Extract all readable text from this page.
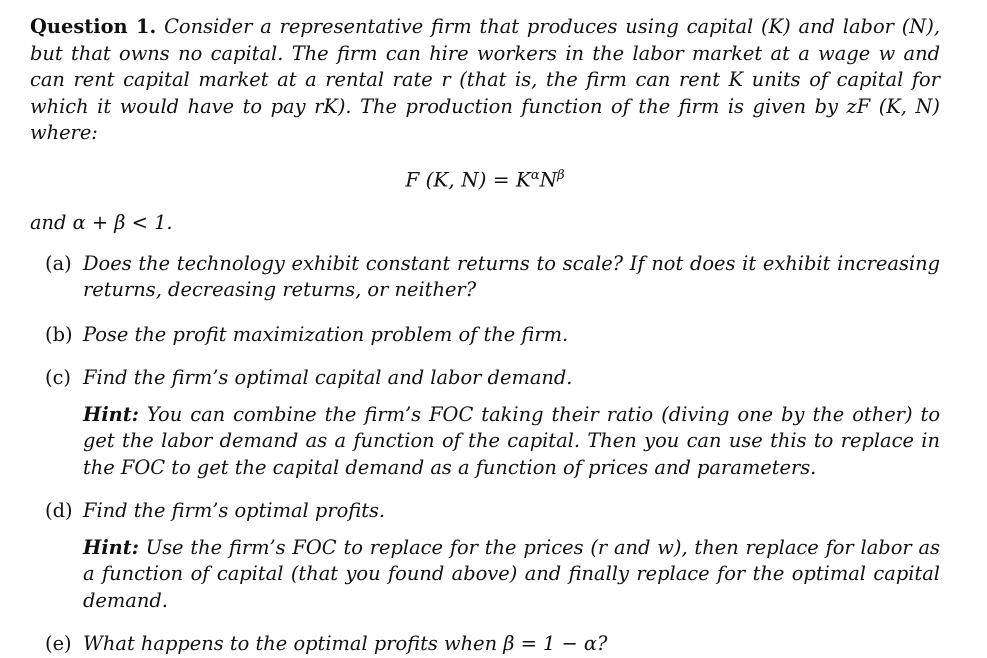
Question 1. Consider a representative firm that produces using capital (K) and labor (N), but that owns no capital. The firm can hire workers in the labor market at a wage w and can rent capital market at a rental rate r (that is, the firm can rent K units of capital for which it would have to pay rK). The production function of the firm is given by zF (K, N) where:

F (K, $N) = K^\alpha N^\beta$
and α + β < 1.
(a) Does the technology exhibit constant returns to scale? If not does it exhibit increasing returns, decreasing returns, or neither?
(b) Pose the profit maximization problem of the firm.
(c) Find the firm’s optimal capital and labor demand.
Hint: You can combine the firm’s FOC taking their ratio (diving one by the other) to get the labor demand as a function of the capital. Then you can use this to replace in the FOC to get the capital demand as a function of prices and parameters.
(d) Find the firm’s optimal profits.
Hint: Use the firm’s FOC to replace for the prices (r and w), then replace for labor as a function of capital (that you found above) and finally replace for the optimal capital demand.
(e) What happens to the optimal profits when β = 1 − α?
